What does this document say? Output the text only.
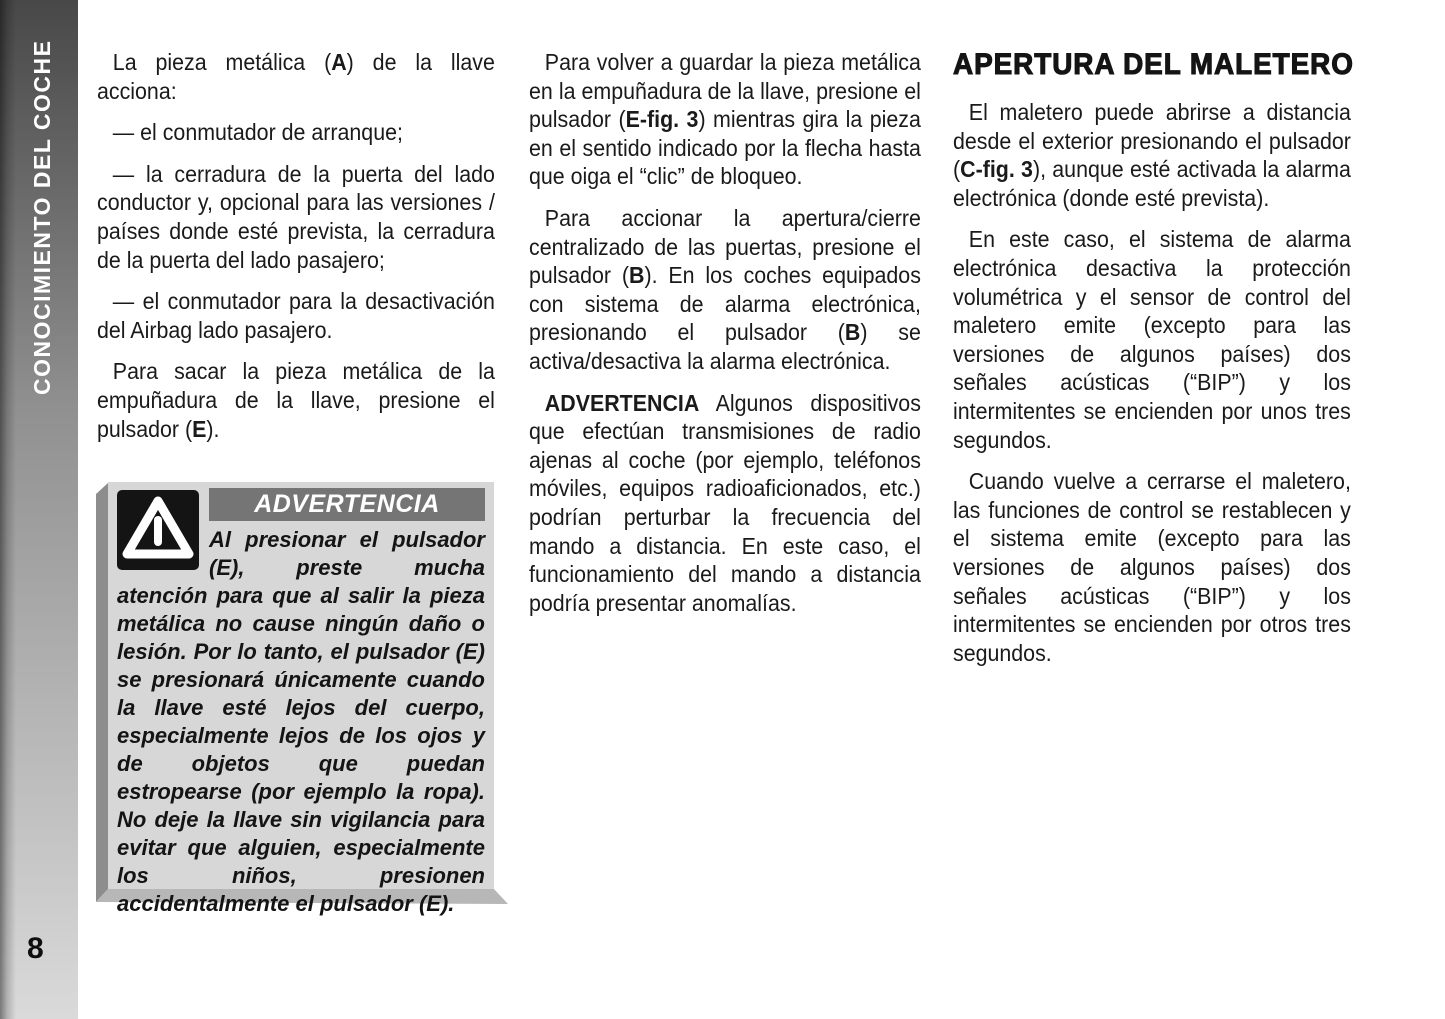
CONOCIMIENTO DEL COCHE
8

La pieza metálica (A) de la llave acciona:

— el conmutador de arranque;

— la cerradura de la puerta del lado conductor y, opcional para las versiones / países donde esté prevista, la cerradura de la puerta del lado pasajero;

— el conmutador para la desactivación del Airbag lado pasajero.

Para sacar la pieza metálica de la empuñadura de la llave, presione el pulsador (E).

Para volver a guardar la pieza metálica en la empuñadura de la llave, presione el pulsador (E-fig. 3) mientras gira la pieza en el sentido indicado por la flecha hasta que oiga el “clic” de bloqueo.

Para accionar la apertura/cierre centralizado de las puertas, presione el pulsador (B). En los coches equipados con sistema de alarma electrónica, presionando el pulsador (B) se activa/desactiva la alarma electrónica.

ADVERTENCIA Algunos dispositivos que efectúan transmisiones de radio ajenas al coche (por ejemplo, teléfonos móviles, equipos radioaficionados, etc.) podrían perturbar la frecuencia del mando a distancia. En este caso, el funcionamiento del mando a distancia podría presentar anomalías.

APERTURA DEL MALETERO

El maletero puede abrirse a distancia desde el exterior presionando el pulsador (C-fig. 3), aunque esté activada la alarma electrónica (donde esté prevista).

En este caso, el sistema de alarma electrónica desactiva la protección volumétrica y el sensor de control del maletero emite (excepto para las versiones de algunos países) dos señales acústicas (“BIP”) y los intermitentes se encienden por unos tres segundos.

Cuando vuelve a cerrarse el maletero, las funciones de control se restablecen y el sistema emite (excepto para las versiones de algunos países) dos señales acústicas (“BIP”) y los intermitentes se encienden por otros tres segundos.

ADVERTENCIA

Al presionar el pulsador (E), preste mucha atención para que al salir la pieza metálica no cause ningún daño o lesión. Por lo tanto, el pulsador (E) se presionará únicamente cuando la llave esté lejos del cuerpo, especialmente lejos de los ojos y de objetos que puedan estropearse (por ejemplo la ropa). No deje la llave sin vigilancia para evitar que alguien, especialmente los niños, presionen accidentalmente el pulsador (E).
